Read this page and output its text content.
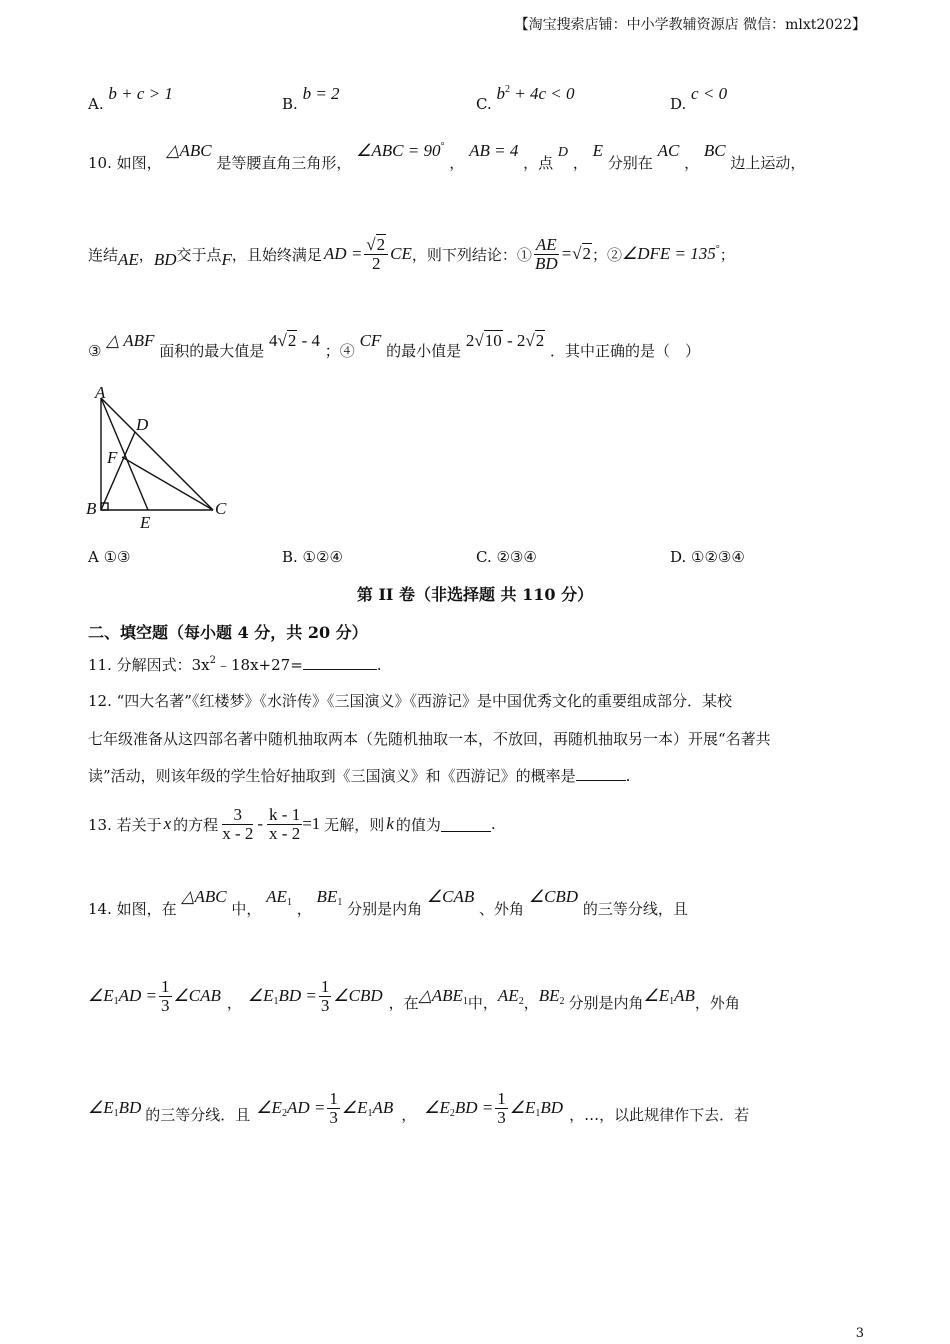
【淘宝搜索店铺：中小学教辅资源店 微信：mlxt2022】
A. b + c > 1
B. b = 2
C. $b^2 + 4c < 0$
D. c < 0
10. 如图， △ABC 是等腰直角三角形， ∠ABC = 90° ， AB = 4 ，点 D ， E 分别在 AC ， BC 边上运动，
连结 AE ， BD 交于点 F ，且始终满足 AD = $\frac{√2}{2}$ CE ，则下列结论：① $\frac{AE}{BD} = √2$ ；② ∠DFE = 135° ；
③ △ ABF 面积的最大值是 4√2 - 4 ；④ CF 的最小值是 2√10 - 2√2 ．其中正确的是（　）
A
D
F
B
E
C
A ①③	B. ①②④	C. ②③④	D. ①②③④
第 II 卷（非选择题 共 110 分）
二、填空题（每小题 4 分，共 20 分）
11. 分解因式：$3x^2﹣18x+27=$	.
12. “四大名著”《红楼梦》《水浒传》《三国演义》《西游记》是中国优秀文化的重要组成部分．某校
七年级准备从这四部名著中随机抽取两本（先随机抽取一本，不放回，再随机抽取另一本）开展“名著共
读”活动，则该年级的学生恰好抽取到《三国演义》和《西游记》的概率是	.
13. 若关于 x 的方程 $\frac{3}{x - 2} - \frac{k - 1}{x - 2} =1$ 无解，则 k 的值为	.
14. 如图，在 △ABC 中， $AE_1$ ， $BE_1$ 分别是内角 ∠CAB 、外角 ∠CBD 的三等分线，且
$\angle E_1AD = \frac{1}{3}$ ∠CAB ， $\angle E_1BD = \frac{1}{3}$ ∠CBD ，在 $\triangle ABE_1$ 中， $AE_2$ ， $BE_2$ 分别是内角 $\angle E_1AB$ ，外角
$\angle E_1BD$ 的三等分线．且 $\angle E_2AD = \frac{1}{3}$ $\angle E_1AB$ ， $\angle E_2BD = \frac{1}{3}$ $\angle E_1BD$ ，…，以此规律作下去．若
3
